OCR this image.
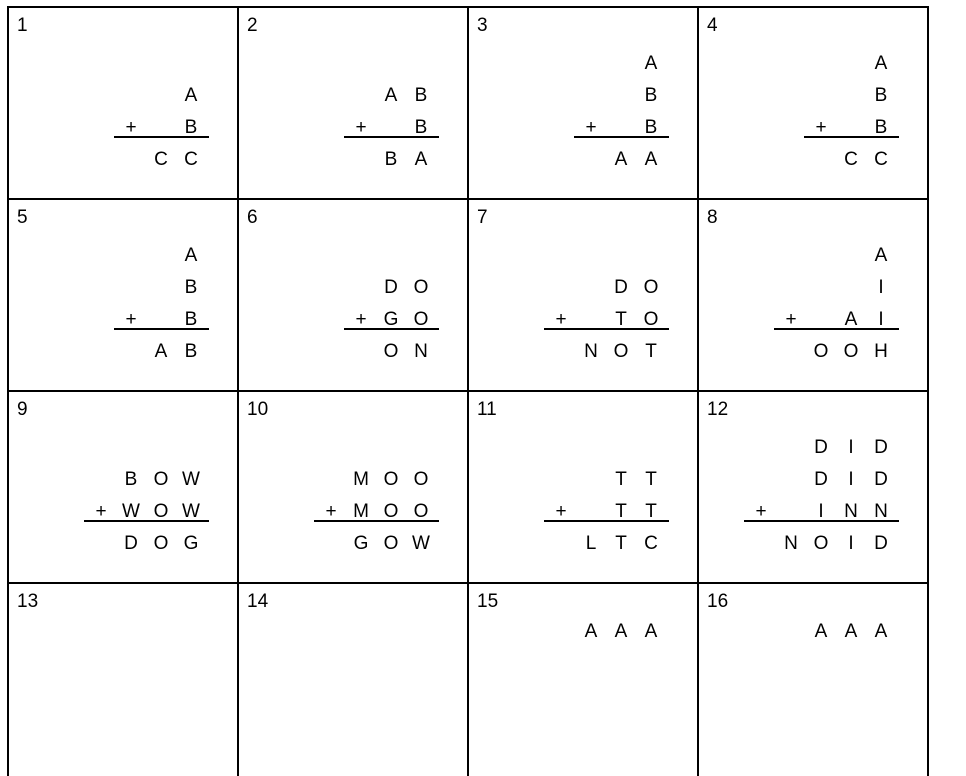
1
A
B
+
C C
2
A B
B
+
B A
3
A
B
B
+
A A
4
A
B
B
+
C C
5
A
B
B
+
A B
6
D O
G O
+
O N
7
D O
T O
+
N O T
8
A
I
A	I
+
O O H
9
B O W
W O W
+
D O G
10
M O O
M O O
+
G O W
11
T T
T T
+
L T C
12
D	I	D
D	I	D
I	N N
+
N O	I	D
13	14	15
A A A
16
A A A
